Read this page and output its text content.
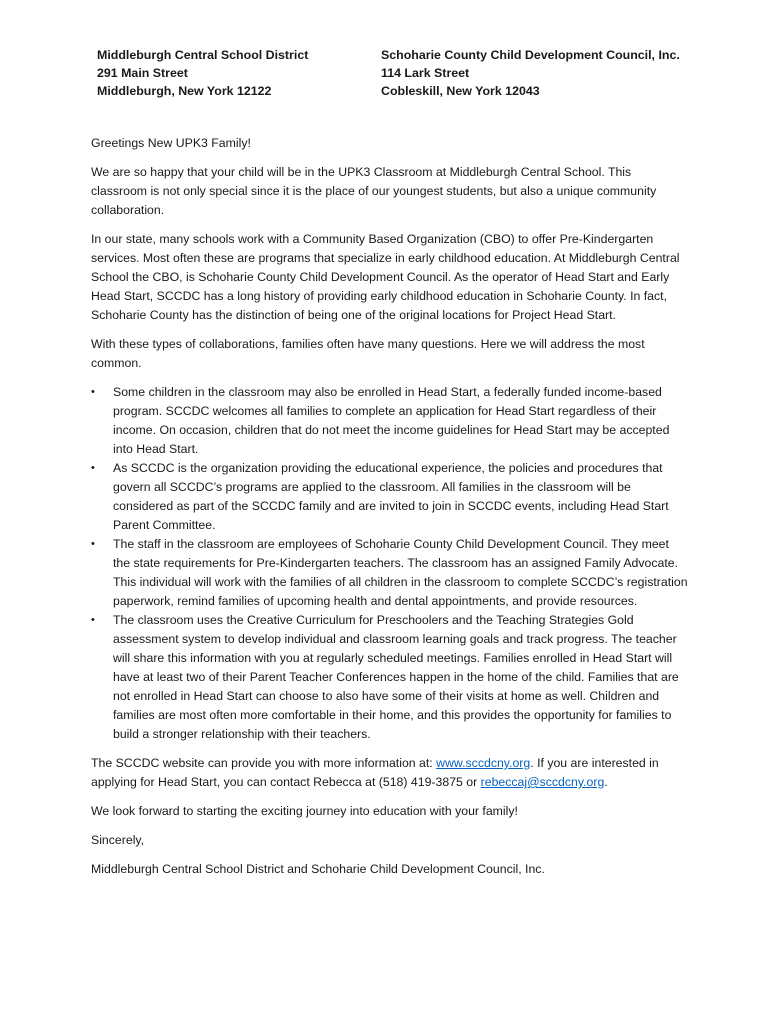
Middleburgh Central School District
291 Main Street
Middleburgh, New York 12122
Schoharie County Child Development Council, Inc.
114 Lark Street
Cobleskill, New York 12043

Greetings New UPK3 Family!

We are so happy that your child will be in the UPK3 Classroom at Middleburgh Central School. This classroom is not only special since it is the place of our youngest students, but also a unique community collaboration.

In our state, many schools work with a Community Based Organization (CBO) to offer Pre-Kindergarten services. Most often these are programs that specialize in early childhood education. At Middleburgh Central School the CBO, is Schoharie County Child Development Council. As the operator of Head Start and Early Head Start, SCCDC has a long history of providing early childhood education in Schoharie County. In fact, Schoharie County has the distinction of being one of the original locations for Project Head Start.

With these types of collaborations, families often have many questions. Here we will address the most common.

•	Some children in the classroom may also be enrolled in Head Start, a federally funded income-based program. SCCDC welcomes all families to complete an application for Head Start regardless of their income. On occasion, children that do not meet the income guidelines for Head Start may be accepted into Head Start.
•	As SCCDC is the organization providing the educational experience, the policies and procedures that govern all SCCDC’s programs are applied to the classroom. All families in the classroom will be considered as part of the SCCDC family and are invited to join in SCCDC events, including Head Start Parent Committee.
•	The staff in the classroom are employees of Schoharie County Child Development Council. They meet the state requirements for Pre-Kindergarten teachers. The classroom has an assigned Family Advocate. This individual will work with the families of all children in the classroom to complete SCCDC’s registration paperwork, remind families of upcoming health and dental appointments, and provide resources.
•	The classroom uses the Creative Curriculum for Preschoolers and the Teaching Strategies Gold assessment system to develop individual and classroom learning goals and track progress. The teacher will share this information with you at regularly scheduled meetings. Families enrolled in Head Start will have at least two of their Parent Teacher Conferences happen in the home of the child. Families that are not enrolled in Head Start can choose to also have some of their visits at home as well. Children and families are most often more comfortable in their home, and this provides the opportunity for families to build a stronger relationship with their teachers.

The SCCDC website can provide you with more information at: www.sccdcny.org. If you are interested in applying for Head Start, you can contact Rebecca at (518) 419-3875 or rebeccaj@sccdcny.org.

We look forward to starting the exciting journey into education with your family!

Sincerely,

Middleburgh Central School District and Schoharie Child Development Council, Inc.
